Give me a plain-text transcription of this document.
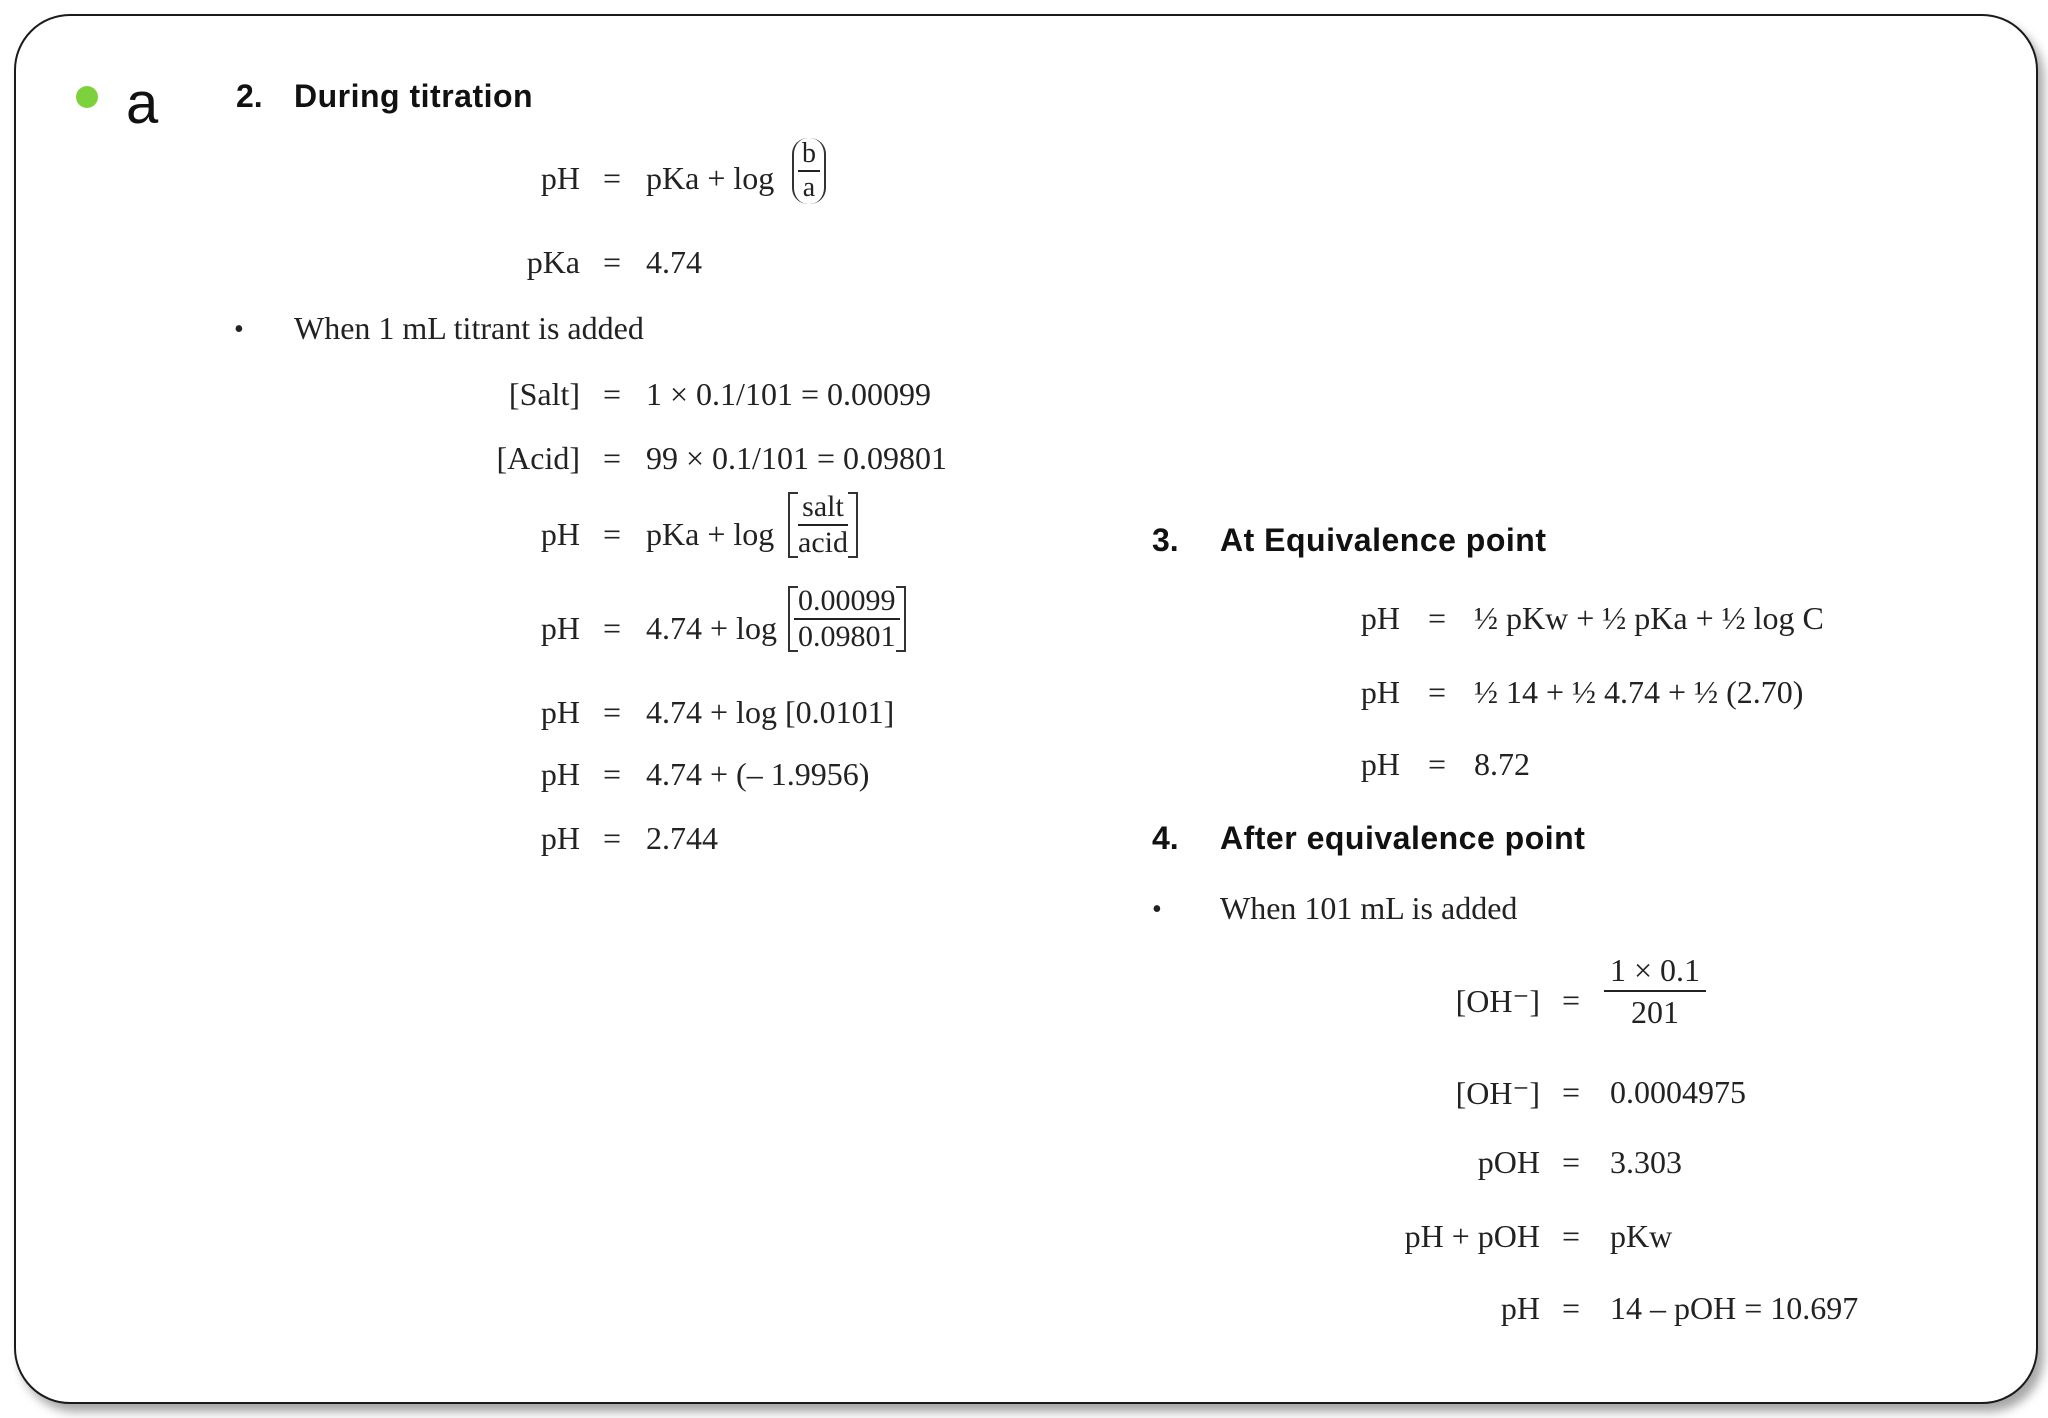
a 2. During titration
pH = pKa + $\log \frac{b}{a}$
pKa = 4.74
• When 1 mL titrant is added
[Salt] = 1 × 0.1/101 = 0.00099
[Acid] = 99 × 0.1/101 = 0.09801
pH = pKa + $\log \frac{\text{salt}}{\text{acid}}$
pH = $4.74 + \log \frac{0.00099}{0.09801}$
pH = 4.74 + log [0.0101]
pH = 4.74 + (– 1.9956)
pH = 2.744
3. At Equivalence point
pH = ½ pKw + ½ pKa + ½ log C
pH = ½ 14 + ½ 4.74 + ½ (2.70)
pH = 8.72
4. After equivalence point
• When 101 mL is added
$[OH^-] = \frac{1 \times 0.1}{201}$
[OH⁻] = 0.0004975
pOH = 3.303
pH + pOH = pKw
pH = 14 – pOH = 10.697
